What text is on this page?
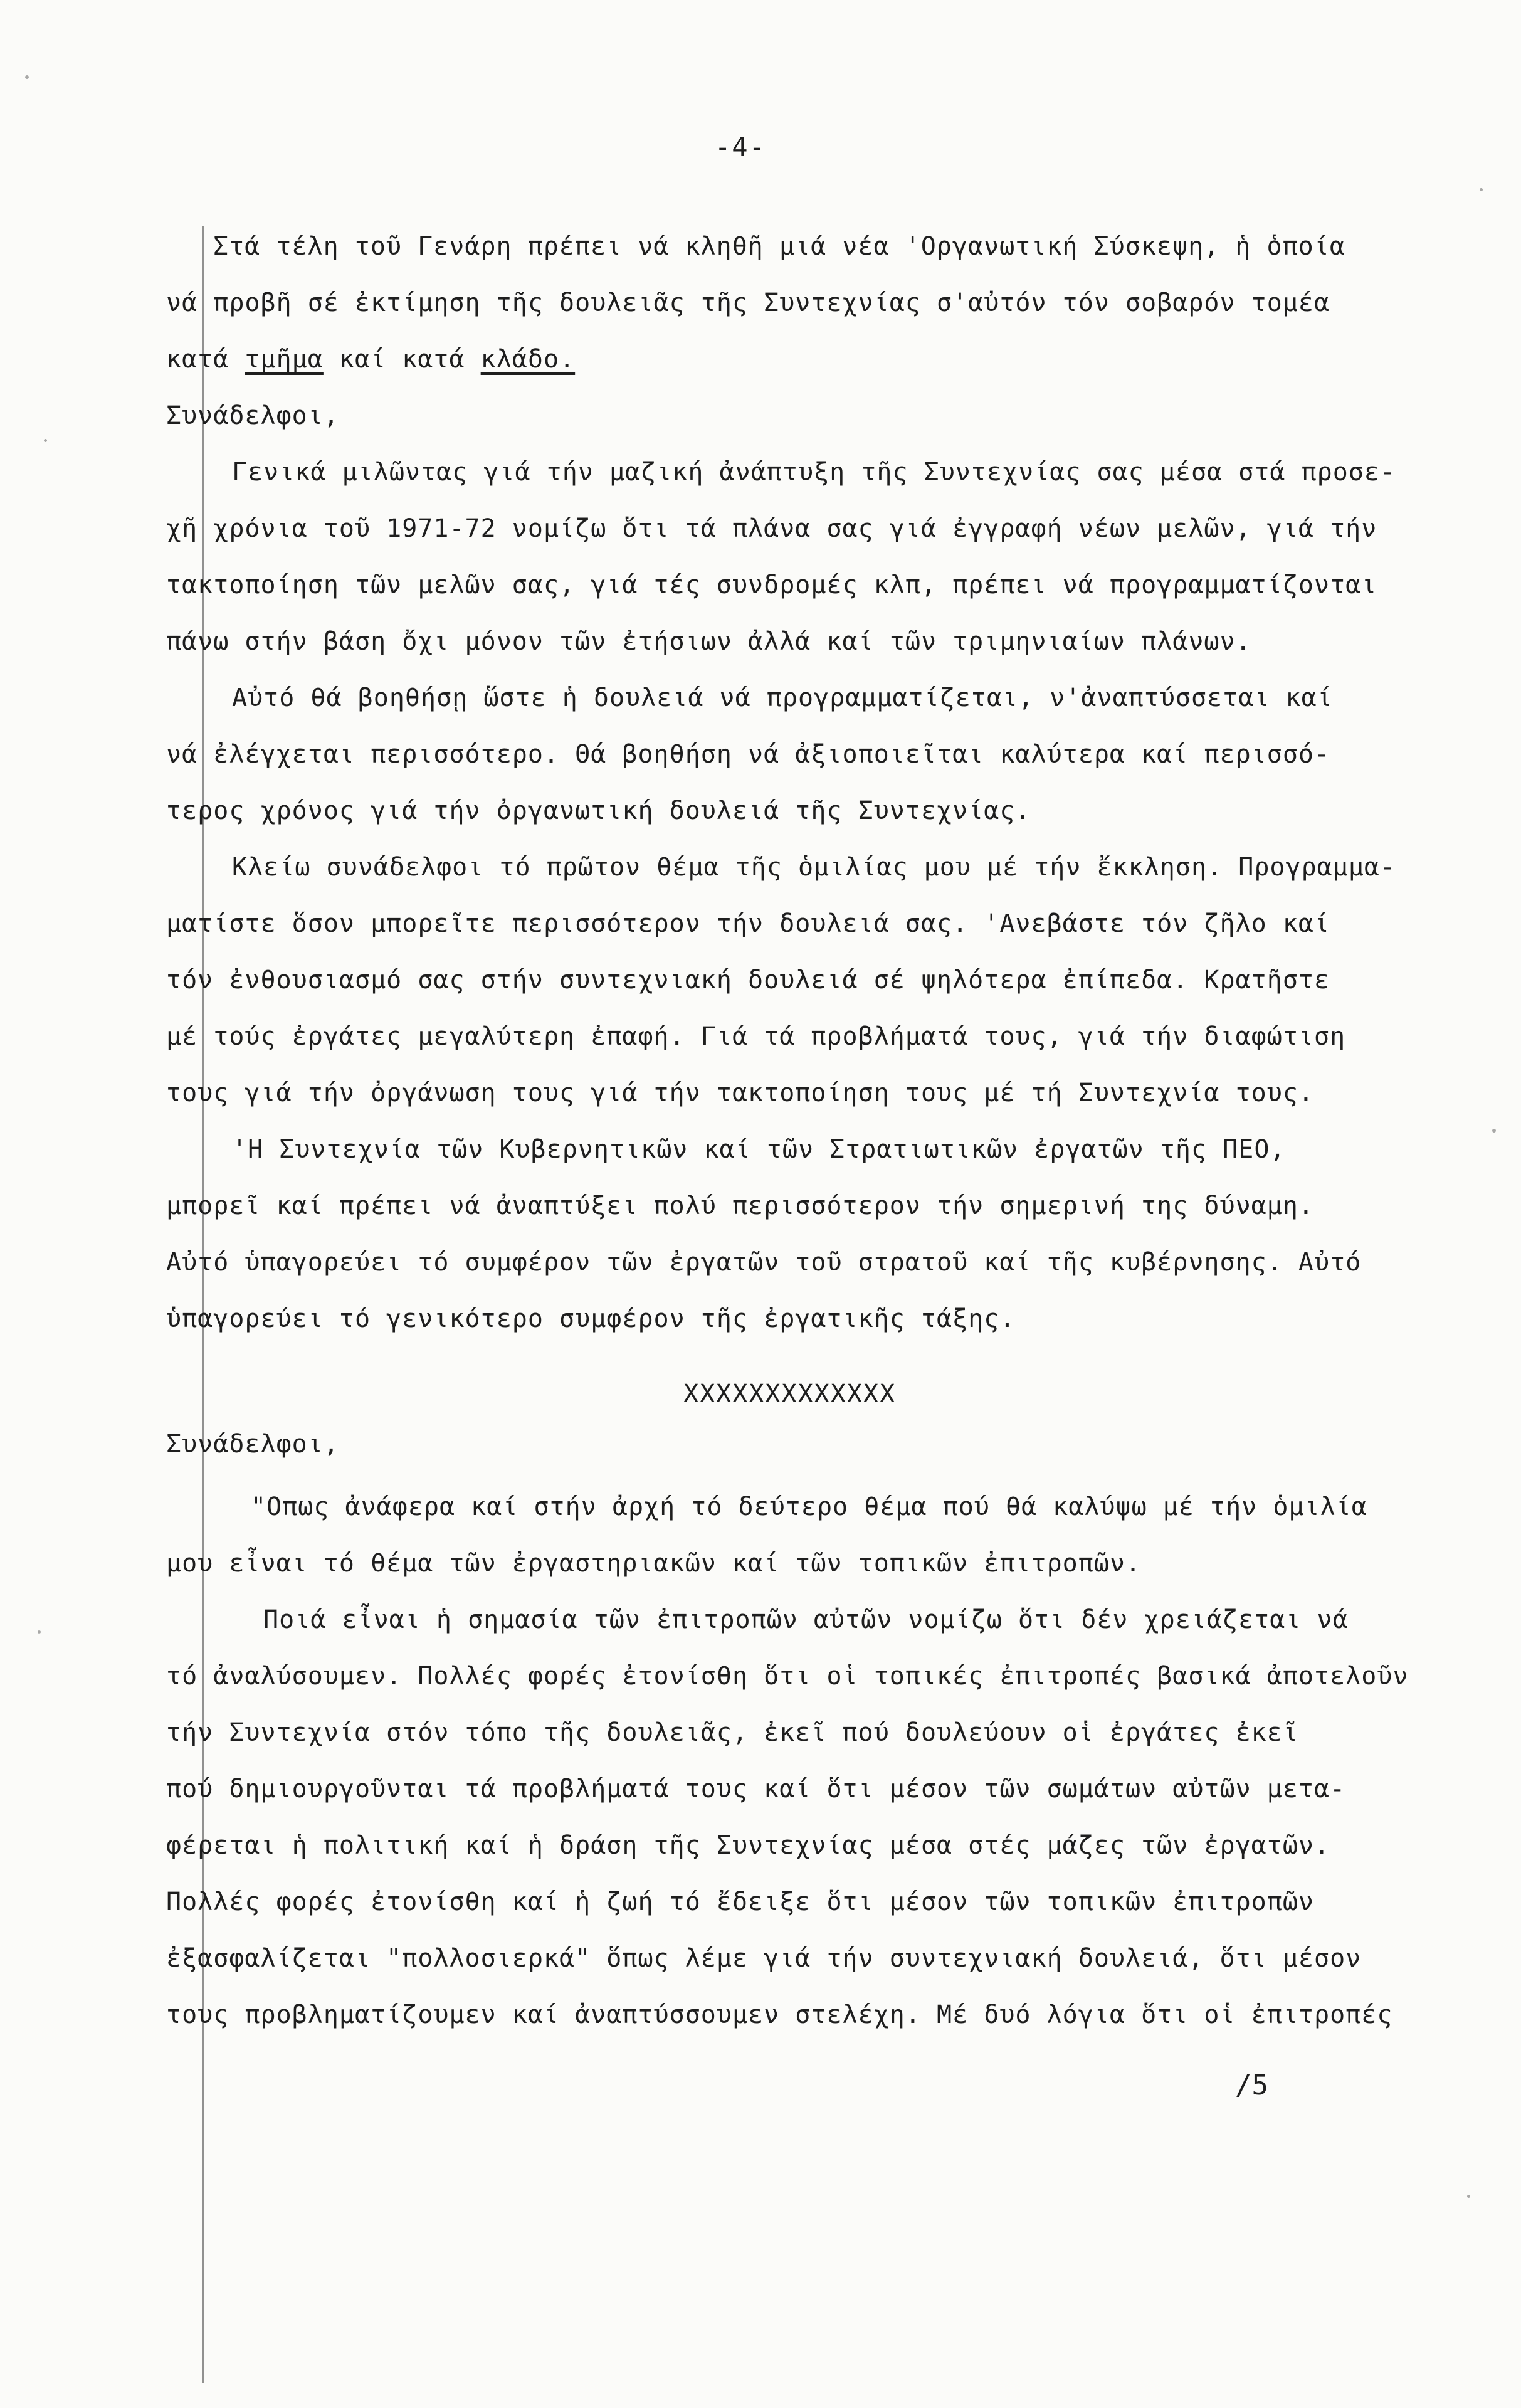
-4-
Στά τέλη τοῦ Γενάρη πρέπει νά κληθῆ μιά νέα 'Οργανωτική Σύσκεψη, ἡ ὁποία
νά προβῆ σέ ἐκτίμηση τῆς δουλειᾶς τῆς Συντεχνίας σ'αὐτόν τόν σοβαρόν τομέα
κατά τμῆμα καί κατά κλάδο.
Συνάδελφοι,
Γενικά μιλῶντας γιά τήν μαζική ἀνάπτυξη τῆς Συντεχνίας σας μέσα στά προσε-
χῆ χρόνια τοῦ 1971-72 νομίζω ὅτι τά πλάνα σας γιά ἐγγραφή νέων μελῶν, γιά τήν
τακτοποίηση τῶν μελῶν σας, γιά τές συνδρομές κλπ, πρέπει νά προγραμματίζονται
πάνω στήν βάση ὄχι μόνον τῶν ἐτήσιων ἀλλά καί τῶν τριμηνιαίων πλάνων.
Αὐτό θά βοηθήσῃ ὥστε ἡ δουλειά νά προγραμματίζεται, ν'ἀναπτύσσεται καί
νά ἐλέγχεται περισσότερο. Θά βοηθήση νά ἀξιοποιεῖται καλύτερα καί περισσό-
τερος χρόνος γιά τήν ὀργανωτική δουλειά τῆς Συντεχνίας.
Κλείω συνάδελφοι τό πρῶτον θέμα τῆς ὁμιλίας μου μέ τήν ἔκκληση. Προγραμμα-
ματίστε ὅσον μπορεῖτε περισσότερον τήν δουλειά σας. 'Ανεβάστε τόν ζῆλο καί
τόν ἐνθουσιασμό σας στήν συντεχνιακή δουλειά σέ ψηλότερα ἐπίπεδα. Κρατῆστε
μέ τούς ἐργάτες μεγαλύτερη ἐπαφή. Γιά τά προβλήματά τους, γιά τήν διαφώτιση
τους γιά τήν ὀργάνωση τους γιά τήν τακτοποίηση τους μέ τή Συντεχνία τους.
'Η Συντεχνία τῶν Κυβερνητικῶν καί τῶν Στρατιωτικῶν ἐργατῶν τῆς ΠΕΟ,
μπορεῖ καί πρέπει νά ἀναπτύξει πολύ περισσότερον τήν σημερινή της δύναμη.
Αὐτό ὑπαγορεύει τό συμφέρον τῶν ἐργατῶν τοῦ στρατοῦ καί τῆς κυβέρνησης. Αὐτό
ὑπαγορεύει τό γενικότερο συμφέρον τῆς ἐργατικῆς τάξης.
XXXXXXXXXXXXX
Συνάδελφοι,
"Οπως ἀνάφερα καί στήν ἀρχή τό δεύτερο θέμα πού θά καλύψω μέ τήν ὁμιλία
μου εἶναι τό θέμα τῶν ἐργαστηριακῶν καί τῶν τοπικῶν ἐπιτροπῶν.
Ποιά εἶναι ἡ σημασία τῶν ἐπιτροπῶν αὐτῶν νομίζω ὅτι δέν χρειάζεται νά
τό ἀναλύσουμεν. Πολλές φορές ἐτονίσθη ὅτι οἱ τοπικές ἐπιτροπές βασικά ἀποτελοῦν
τήν Συντεχνία στόν τόπο τῆς δουλειᾶς, ἐκεῖ πού δουλεύουν οἱ ἐργάτες ἐκεῖ
πού δημιουργοῦνται τά προβλήματά τους καί ὅτι μέσον τῶν σωμάτων αὐτῶν μετα-
φέρεται ἡ πολιτική καί ἡ δράση τῆς Συντεχνίας μέσα στές μάζες τῶν ἐργατῶν.
Πολλές φορές ἐτονίσθη καί ἡ ζωή τό ἔδειξε ὅτι μέσον τῶν τοπικῶν ἐπιτροπῶν
ἐξασφαλίζεται "πολλοσιερκά" ὅπως λέμε γιά τήν συντεχνιακή δουλειά, ὅτι μέσον
τους προβληματίζουμεν καί ἀναπτύσσουμεν στελέχη. Μέ δυό λόγια ὅτι οἱ ἐπιτροπές
/5
